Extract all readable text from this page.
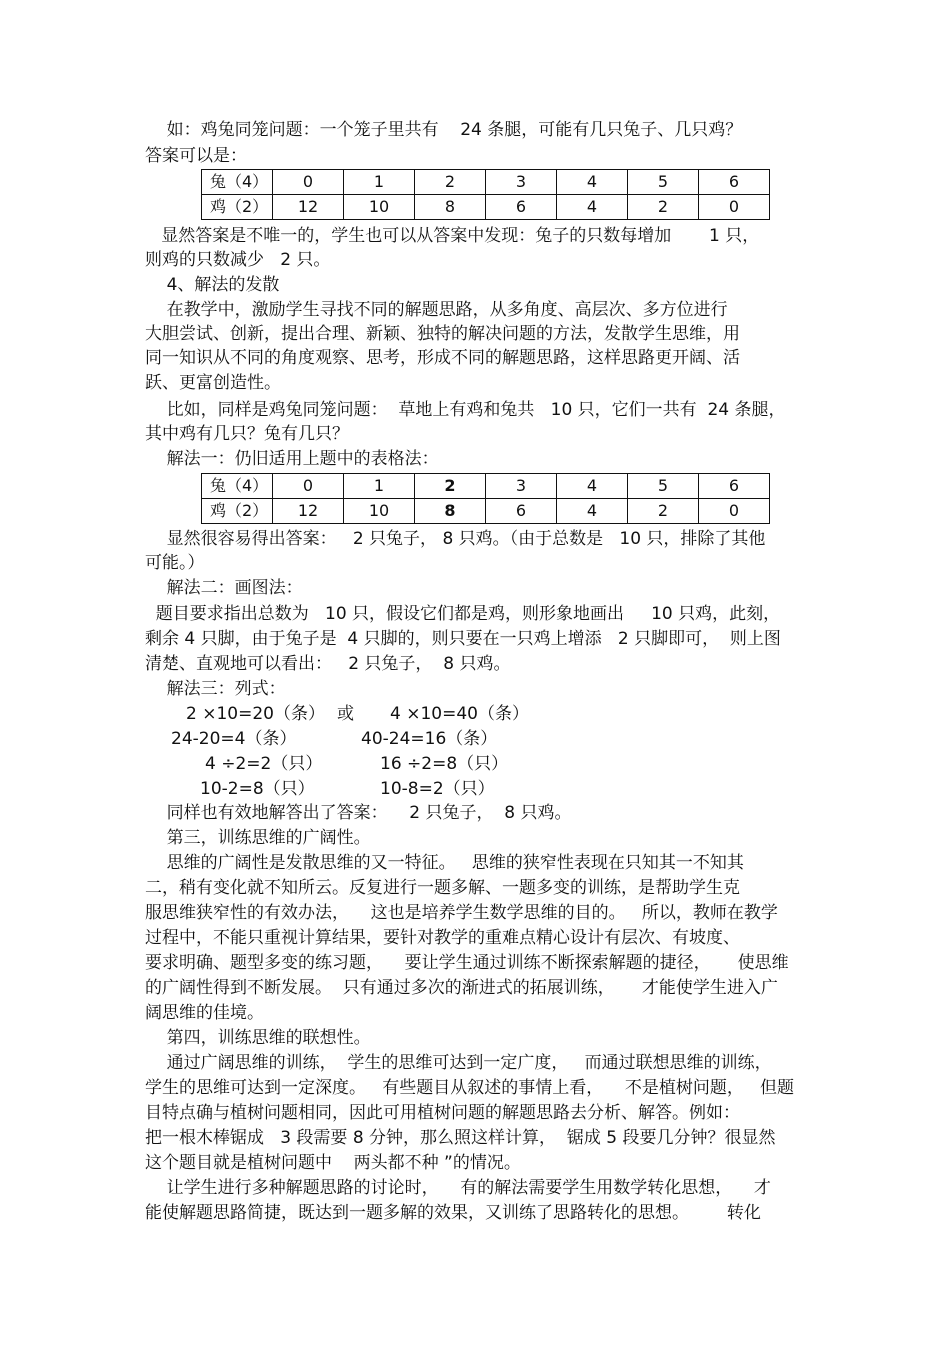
如：鸡兔同笼问题：一个笼子里共有    24 条腿，可能有几只兔子、几只鸡？
答案可以是：
兔（4）	0	1	2	3	4	5	6
鸡（2）	12	10	8	6	4	2	0
显然答案是不唯一的，学生也可以从答案中发现：兔子的只数每增加       1 只，
则鸡的只数减少   2 只。
4、解法的发散
在教学中，激励学生寻找不同的解题思路，从多角度、高层次、多方位进行
大胆尝试、创新，提出合理、新颖、独特的解决问题的方法，发散学生思维，用
同一知识从不同的角度观察、思考，形成不同的解题思路，这样思路更开阔、活
跃、更富创造性。
比如，同样是鸡兔同笼问题：  草地上有鸡和兔共   10 只，它们一共有  24 条腿，
其中鸡有几只？兔有几只？
解法一：仍旧适用上题中的表格法：
兔（4）	0	1	2	3	4	5	6
鸡（2）	12	10	8	6	4	2	0
显然很容易得出答案：   2 只兔子， 8 只鸡。（由于总数是   10 只，排除了其他
可能。）
解法二：画图法：
题目要求指出总数为   10 只，假设它们都是鸡，则形象地画出     10 只鸡，此刻，
剩余 4 只脚，由于兔子是  4 只脚的，则只要在一只鸡上增添   2 只脚即可，  则上图
清楚、直观地可以看出：   2 只兔子，  8 只鸡。
解法三：列式：
2 ×10=20（条） 或 4 ×10=40（条）
24-20=4（条）	40-24=16（条）
4 ÷2=2（只）	16 ÷2=8（只）
10-2=8（只）	10-8=2（只）
同样也有效地解答出了答案：    2 只兔子，  8 只鸡。
第三，训练思维的广阔性。
思维的广阔性是发散思维的又一特征。   思维的狭窄性表现在只知其一不知其
二，稍有变化就不知所云。反复进行一题多解、一题多变的训练，是帮助学生克
服思维狭窄性的有效办法，    这也是培养学生数学思维的目的。   所以，教师在教学
过程中，不能只重视计算结果，要针对教学的重难点精心设计有层次、有坡度、
要求明确、题型多变的练习题，    要让学生通过训练不断探索解题的捷径，     使思维
的广阔性得到不断发展。  只有通过多次的渐进式的拓展训练，     才能使学生进入广
阔思维的佳境。
第四，训练思维的联想性。
通过广阔思维的训练，  学生的思维可达到一定广度，   而通过联想思维的训练，
学生的思维可达到一定深度。   有些题目从叙述的事情上看，    不是植树问题，   但题
目特点确与植树问题相同，因此可用植树问题的解题思路去分析、解答。例如：
把一根木棒锯成   3 段需要 8 分钟，那么照这样计算，  锯成 5 段要几分钟？很显然
这个题目就是植树问题中    两头都不种 ”的情况。
让学生进行多种解题思路的讨论时，    有的解法需要学生用数学转化思想，    才
能使解题思路简捷，既达到一题多解的效果，又训练了思路转化的思想。       转化
